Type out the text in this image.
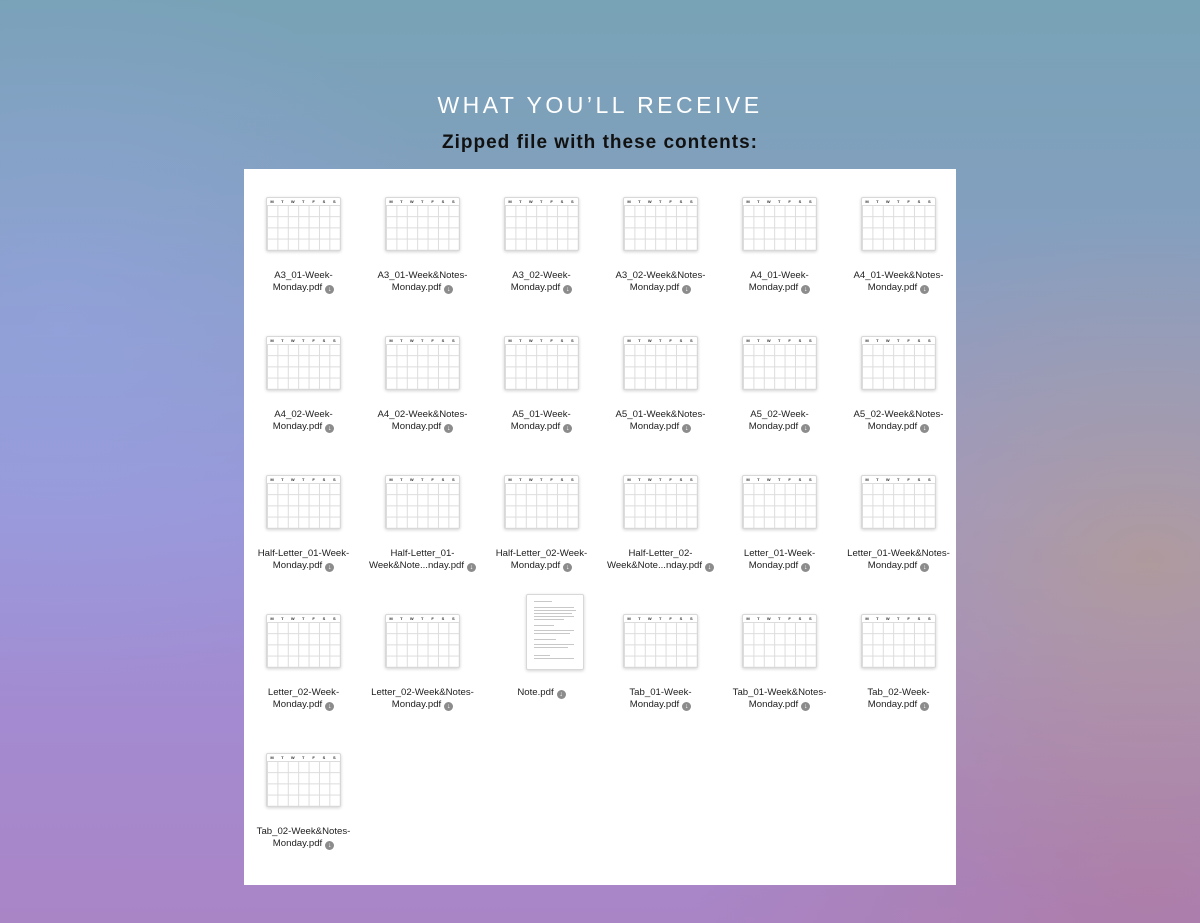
WHAT YOU’LL RECEIVE
Zipped file with these contents:
M	T	W	T	F	S	S
A3_01-Week-
Monday.pdf ↓
M	T	W	T	F	S	S
A3_01-Week&Notes-
Monday.pdf ↓
M	T	W	T	F	S	S
A3_02-Week-
Monday.pdf ↓
M	T	W	T	F	S	S
A3_02-Week&Notes-
Monday.pdf ↓
M	T	W	T	F	S	S
A4_01-Week-
Monday.pdf ↓
M	T	W	T	F	S	S
A4_01-Week&Notes-
Monday.pdf ↓
M	T	W	T	F	S	S
A4_02-Week-
Monday.pdf ↓
M	T	W	T	F	S	S
A4_02-Week&Notes-
Monday.pdf ↓
M	T	W	T	F	S	S
A5_01-Week-
Monday.pdf ↓
M	T	W	T	F	S	S
A5_01-Week&Notes-
Monday.pdf ↓
M	T	W	T	F	S	S
A5_02-Week-
Monday.pdf ↓
M	T	W	T	F	S	S
A5_02-Week&Notes-
Monday.pdf ↓
M	T	W	T	F	S	S
Half-Letter_01-Week-
Monday.pdf ↓
M	T	W	T	F	S	S
Half-Letter_01-
Week&Note...nday.pdf ↓
M	T	W	T	F	S	S
Half-Letter_02-Week-
Monday.pdf ↓
M	T	W	T	F	S	S
Half-Letter_02-
Week&Note...nday.pdf ↓
M	T	W	T	F	S	S
Letter_01-Week-
Monday.pdf ↓
M	T	W	T	F	S	S
Letter_01-Week&Notes-
Monday.pdf ↓
M	T	W	T	F	S	S
Letter_02-Week-
Monday.pdf ↓
M	T	W	T	F	S	S
Letter_02-Week&Notes-
Monday.pdf ↓
Note.pdf ↓
M	T	W	T	F	S	S
Tab_01-Week-
Monday.pdf ↓
M	T	W	T	F	S	S
Tab_01-Week&Notes-
Monday.pdf ↓
M	T	W	T	F	S	S
Tab_02-Week-
Monday.pdf ↓
M	T	W	T	F	S	S
Tab_02-Week&Notes-
Monday.pdf ↓
